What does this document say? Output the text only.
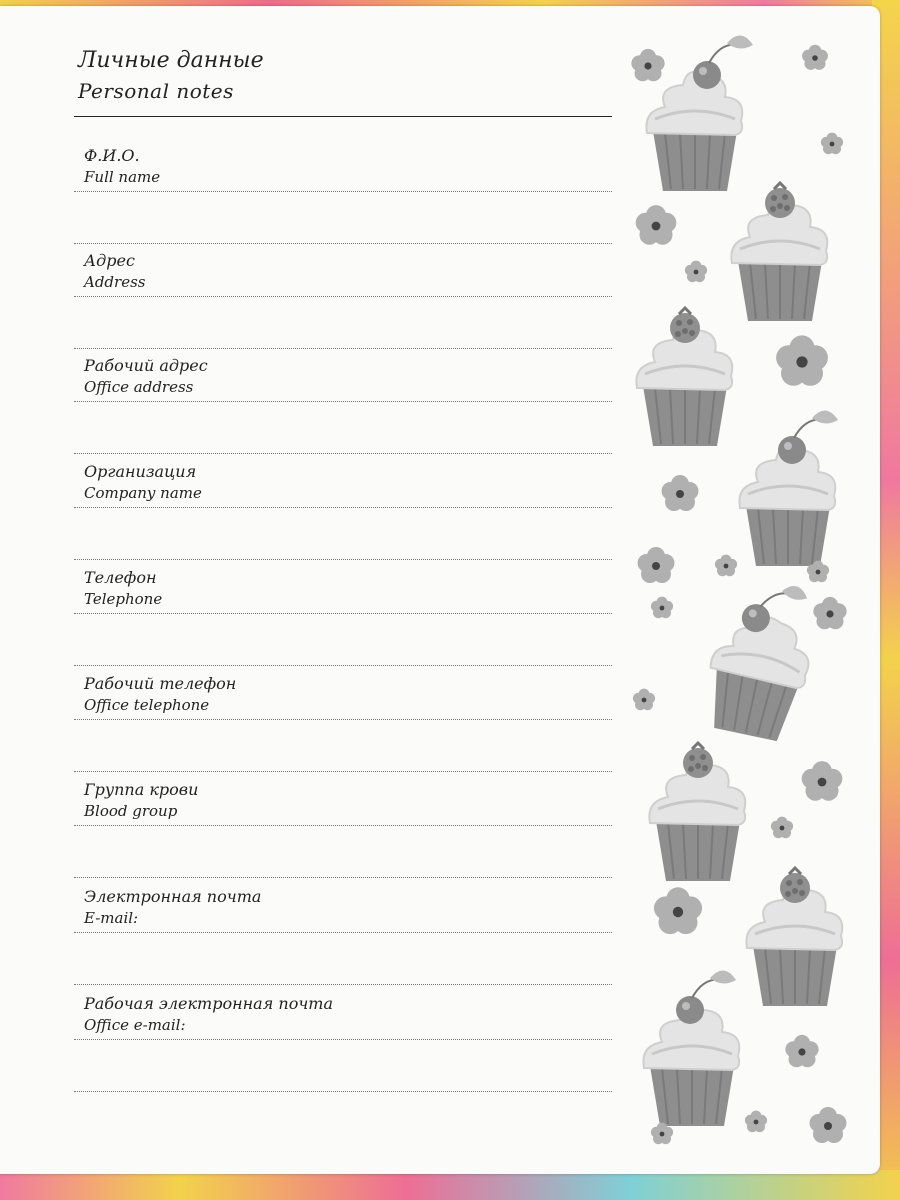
Личные данные
Personal notes
Ф.И.О.
Full name
Адрес
Address
Рабочий адрес
Office address
Организация
Company name
Телефон
Telephone
Рабочий телефон
Office telephone
Группа крови
Blood group
Электронная почта
E-mail:
Рабочая электронная почта
Office e-mail:
